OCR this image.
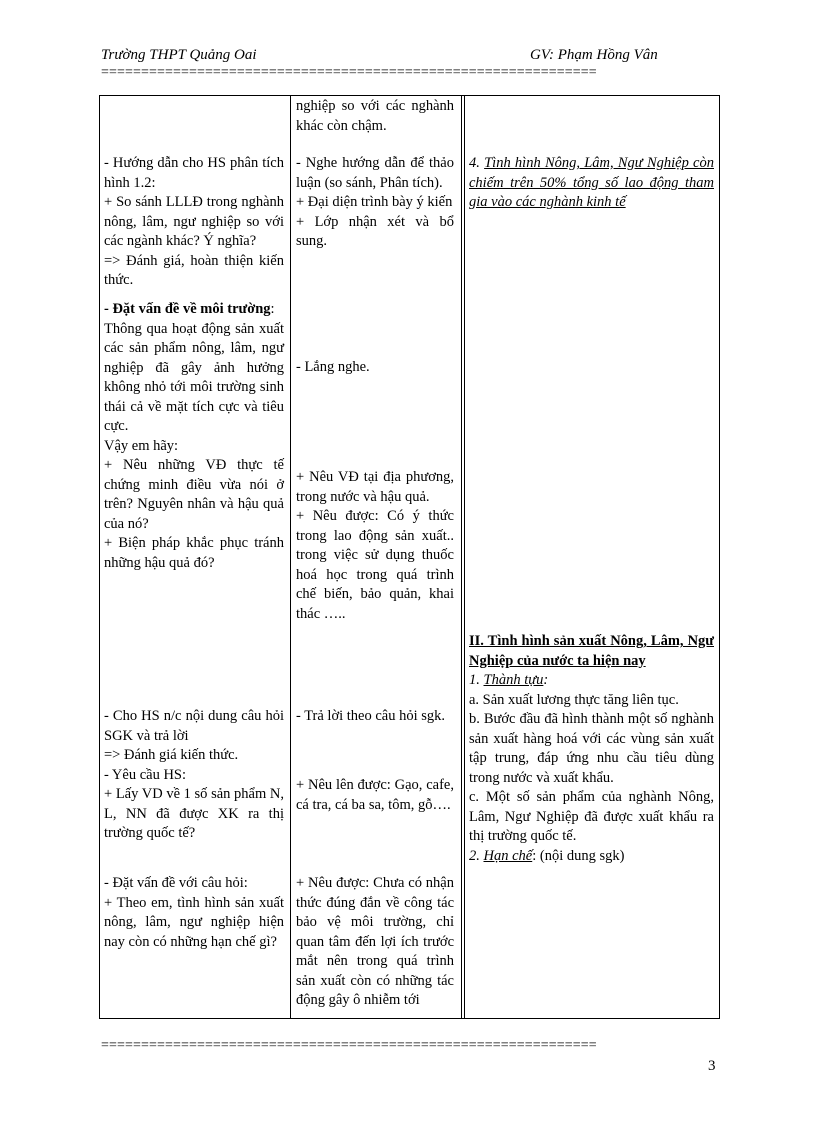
Trường THPT Quảng Oai	GV: Phạm Hồng Vân
==============================================================

- Hướng dẫn cho HS phân tích hình 1.2:

+ So sánh LLLĐ trong nghành nông, lâm, ngư nghiệp so với các ngành khác? Ý nghĩa?

=> Đánh giá, hoàn thiện kiến thức.

- Đặt vấn đề về môi trường:

Thông qua hoạt động sản xuất các sản phẩm nông, lâm, ngư nghiệp đã gây ảnh hưởng không nhỏ tới môi trường sinh thái cả về mặt tích cực và tiêu cực.

Vậy em hãy:

+ Nêu những VĐ thực tế chứng minh điều vừa nói ở trên? Nguyên nhân và hậu quả của nó?

+ Biện pháp khắc phục tránh những hậu quả đó?

- Cho HS n/c nội dung câu hỏi SGK và trả lời

=> Đánh giá kiến thức.

- Yêu cầu HS:

+ Lấy VD về 1 số sản phẩm N, L, NN đã được XK ra thị trường quốc tế?

- Đặt vấn đề với câu hỏi:

+ Theo em, tình hình sản xuất nông, lâm, ngư nghiệp hiện nay còn có những hạn chế gì?

nghiệp so với các nghành khác còn chậm.

- Nghe hướng dẫn để thảo luận (so sánh, Phân tích).

+ Đại diện trình bày ý kiến

+ Lớp nhận xét và bổ sung.

- Lắng nghe.

+ Nêu VĐ tại địa phương, trong nước và hậu quả.

+ Nêu được: Có ý thức trong lao động sản xuất.. trong việc sử dụng thuốc hoá học trong quá trình chế biến, bảo quản, khai thác …..

- Trả lời theo câu hỏi sgk.

+ Nêu lên được: Gạo, cafe, cá tra, cá ba sa, tôm, gỗ….

+ Nêu được: Chưa có nhận thức đúng đắn về công tác bảo vệ môi trường, chỉ quan tâm đến lợi ích trước mắt nên trong quá trình sản xuất còn có những tác động gây ô nhiễm tới

4. Tình hình Nông, Lâm, Ngư Nghiệp còn chiếm trên 50% tổng số lao động tham gia vào các nghành kinh tế

II. Tình hình sản xuất Nông, Lâm, Ngư Nghiệp của nước ta hiện nay

1. Thành tựu:

a. Sản xuất lương thực tăng liên tục.

b. Bước đầu đã hình thành một số nghành sản xuất hàng hoá với các vùng sản xuất tập trung, đáp ứng nhu cầu tiêu dùng trong nước và xuất khẩu.

c. Một số sản phẩm của nghành Nông, Lâm, Ngư Nghiệp đã được xuất khẩu ra thị trường quốc tế.

2. Hạn chế: (nội dung sgk)

==============================================================
3
